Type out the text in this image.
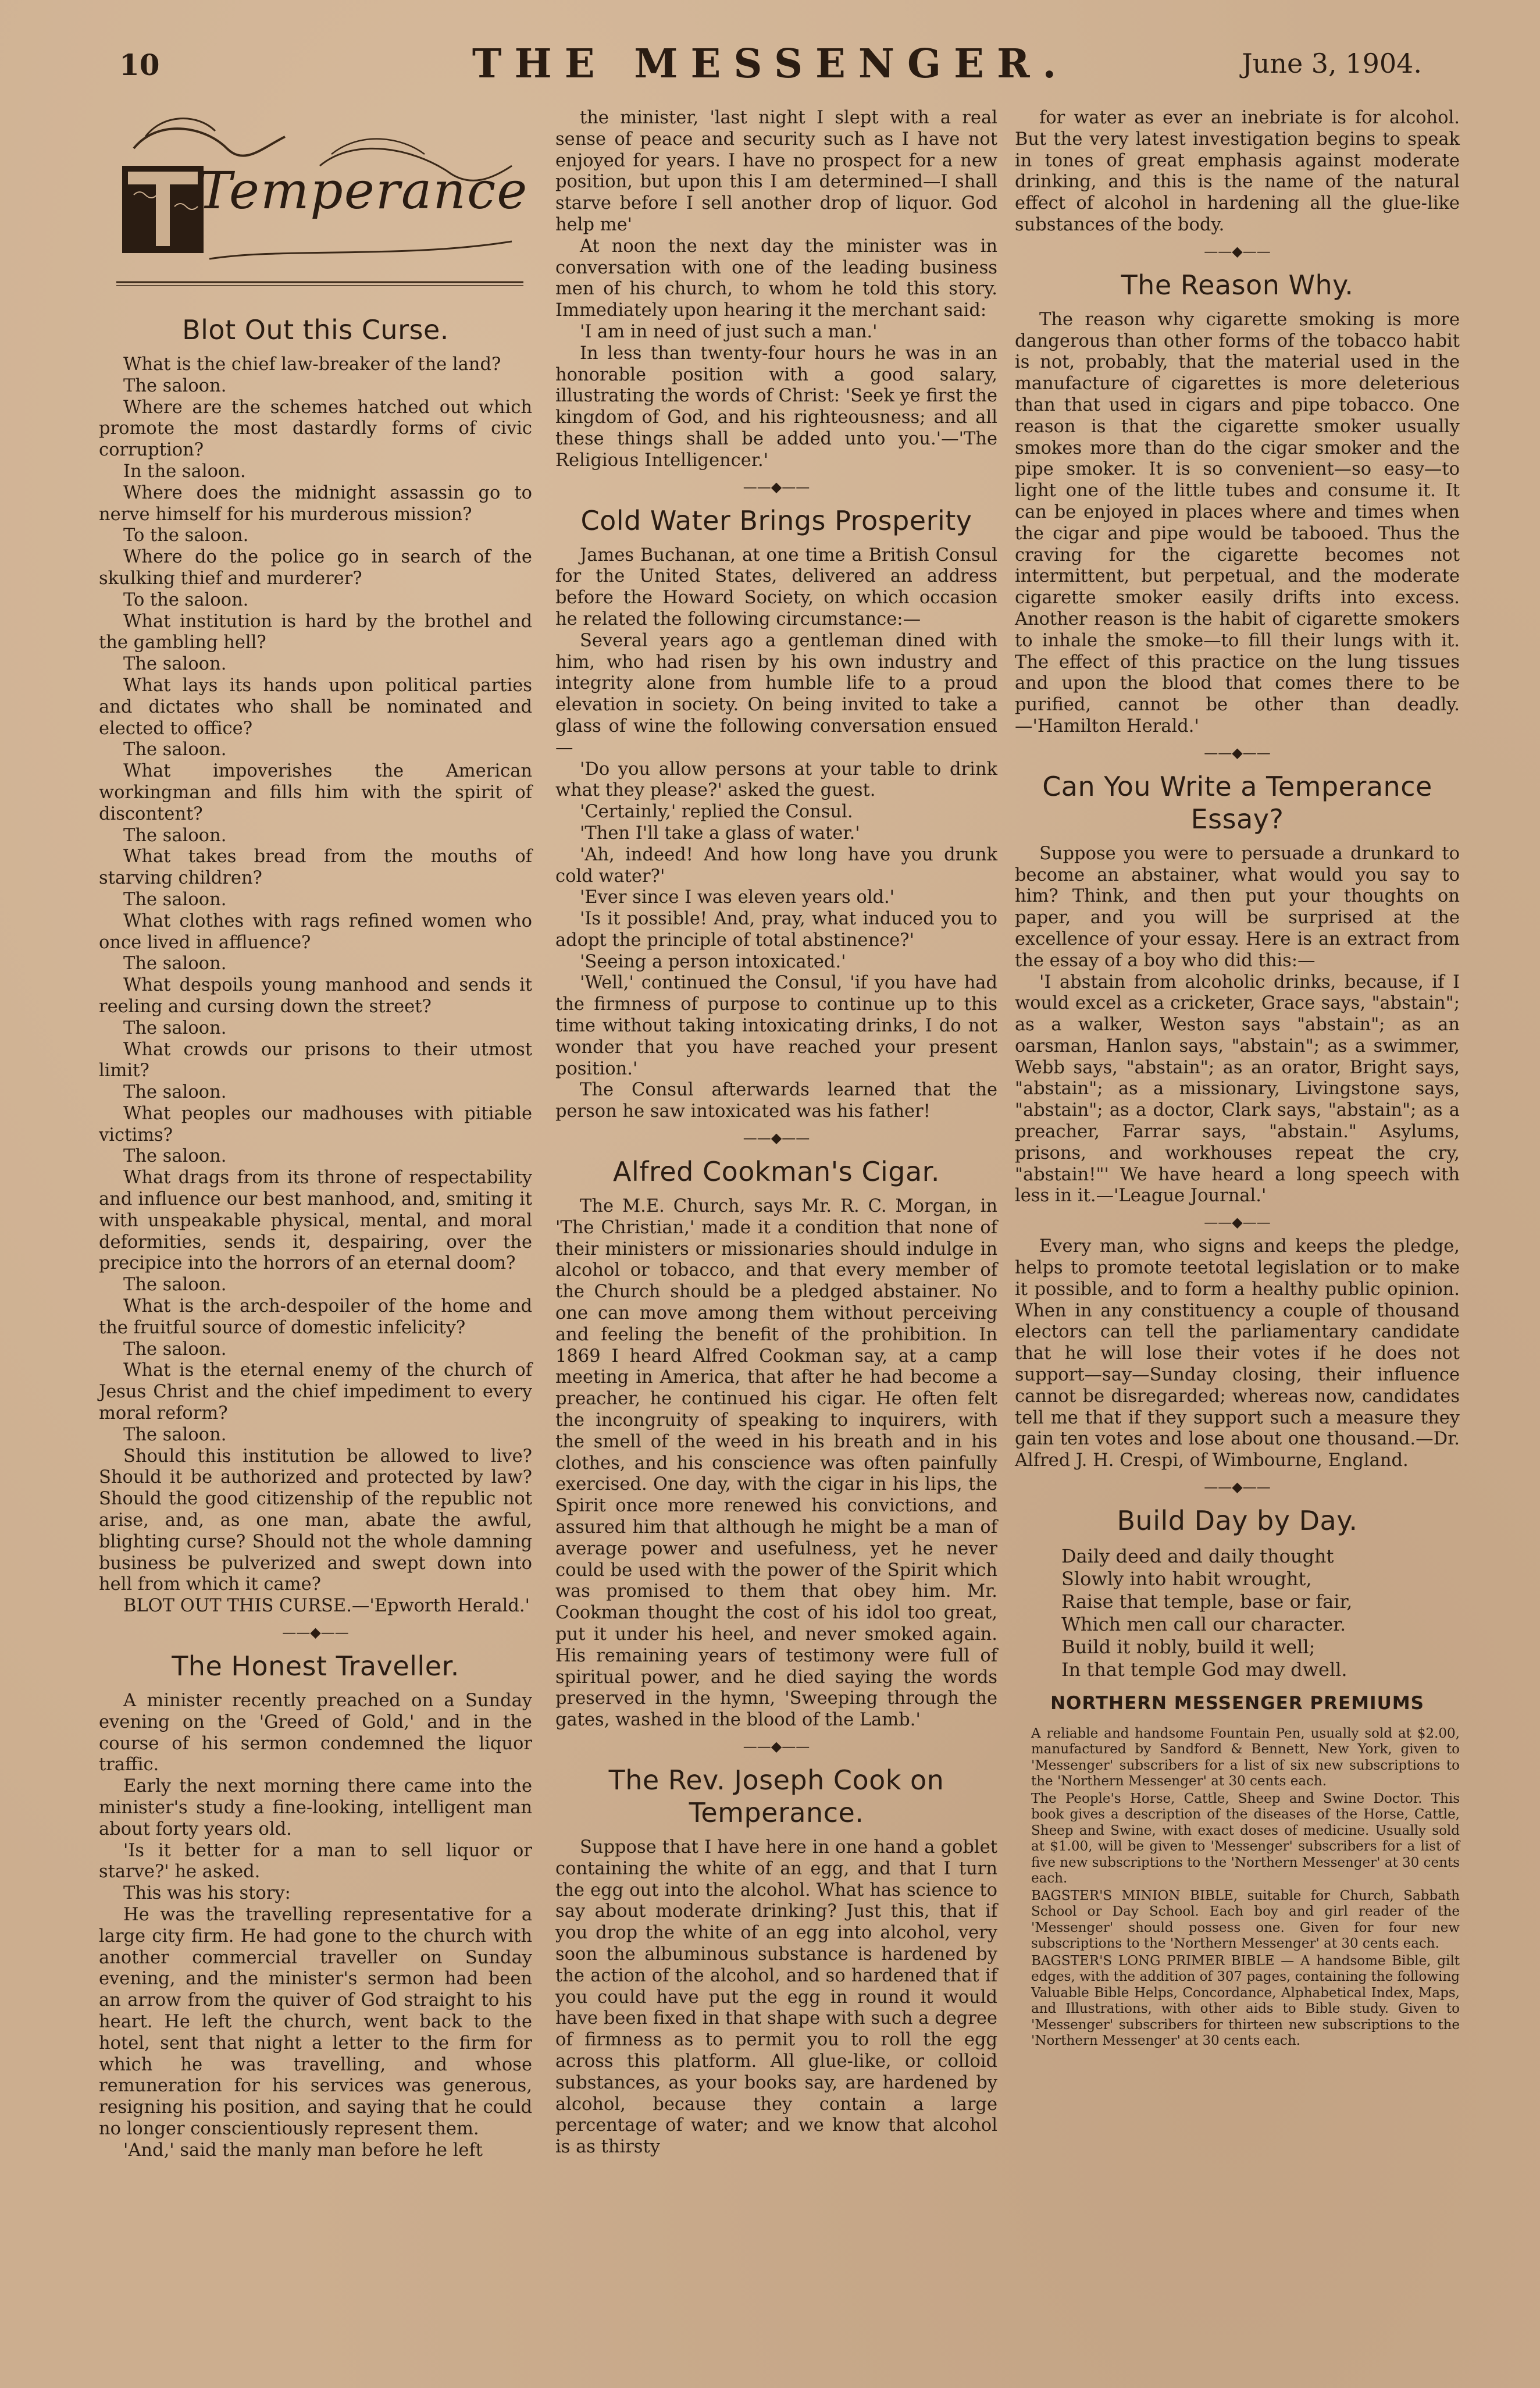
10	THE MESSENGER.	June 3, 1904.
Temperance
Blot Out this Curse.

What is the chief law-breaker of the land?

The saloon.

Where are the schemes hatched out which promote the most dastardly forms of civic corruption?

In the saloon.

Where does the midnight assassin go to nerve himself for his murderous mission?

To the saloon.

Where do the police go in search of the skulking thief and murderer?

To the saloon.

What institution is hard by the brothel and the gambling hell?

The saloon.

What lays its hands upon political parties and dictates who shall be nominated and elected to office?

The saloon.

What impoverishes the American workingman and fills him with the spirit of discontent?

The saloon.

What takes bread from the mouths of starving children?

The saloon.

What clothes with rags refined women who once lived in affluence?

The saloon.

What despoils young manhood and sends it reeling and cursing down the street?

The saloon.

What crowds our prisons to their utmost limit?

The saloon.

What peoples our madhouses with pitiable victims?

The saloon.

What drags from its throne of respectability and influence our best manhood, and, smiting it with unspeakable physical, mental, and moral deformities, sends it, despairing, over the precipice into the horrors of an eternal doom?

The saloon.

What is the arch-despoiler of the home and the fruitful source of domestic infelicity?

The saloon.

What is the eternal enemy of the church of Jesus Christ and the chief impediment to every moral reform?

The saloon.

Should this institution be allowed to live? Should it be authorized and protected by law? Should the good citizenship of the republic not arise, and, as one man, abate the awful, blighting curse? Should not the whole damning business be pulverized and swept down into hell from which it came?

BLOT OUT THIS CURSE.—'Epworth Herald.'

——◆——
The Honest Traveller.

A minister recently preached on a Sunday evening on the 'Greed of Gold,' and in the course of his sermon condemned the liquor traffic.

Early the next morning there came into the minister's study a fine-looking, intelligent man about forty years old.

'Is it better for a man to sell liquor or starve?' he asked.

This was his story:

He was the travelling representative for a large city firm. He had gone to the church with another commercial traveller on Sunday evening, and the minister's sermon had been an arrow from the quiver of God straight to his heart. He left the church, went back to the hotel, sent that night a letter to the firm for which he was travelling, and whose remuneration for his services was generous, resigning his position, and saying that he could no longer conscientiously represent them.

'And,' said the manly man before he left

the minister, 'last night I slept with a real sense of peace and security such as I have not enjoyed for years. I have no prospect for a new position, but upon this I am determined—I shall starve before I sell another drop of liquor. God help me'

At noon the next day the minister was in conversation with one of the leading business men of his church, to whom he told this story. Immediately upon hearing it the merchant said:

'I am in need of just such a man.'

In less than twenty-four hours he was in an honorable position with a good salary, illustrating the words of Christ: 'Seek ye first the kingdom of God, and his righteousness; and all these things shall be added unto you.'—'The Religious Intelligencer.'

——◆——
Cold Water Brings Prosperity

James Buchanan, at one time a British Consul for the United States, delivered an address before the Howard Society, on which occasion he related the following circumstance:—

Several years ago a gentleman dined with him, who had risen by his own industry and integrity alone from humble life to a proud elevation in society. On being invited to take a glass of wine the following conversation ensued—

'Do you allow persons at your table to drink what they please?' asked the guest.

'Certainly,' replied the Consul.

'Then I'll take a glass of water.'

'Ah, indeed! And how long have you drunk cold water?'

'Ever since I was eleven years old.'

'Is it possible! And, pray, what induced you to adopt the principle of total abstinence?'

'Seeing a person intoxicated.'

'Well,' continued the Consul, 'if you have had the firmness of purpose to continue up to this time without taking intoxicating drinks, I do not wonder that you have reached your present position.'

The Consul afterwards learned that the person he saw intoxicated was his father!

——◆——
Alfred Cookman's Cigar.

The M.E. Church, says Mr. R. C. Morgan, in 'The Christian,' made it a condition that none of their ministers or missionaries should indulge in alcohol or tobacco, and that every member of the Church should be a pledged abstainer. No one can move among them without perceiving and feeling the benefit of the prohibition. In 1869 I heard Alfred Cookman say, at a camp meeting in America, that after he had become a preacher, he continued his cigar. He often felt the incongruity of speaking to inquirers, with the smell of the weed in his breath and in his clothes, and his conscience was often painfully exercised. One day, with the cigar in his lips, the Spirit once more renewed his convictions, and assured him that although he might be a man of average power and usefulness, yet he never could be used with the power of the Spirit which was promised to them that obey him. Mr. Cookman thought the cost of his idol too great, put it under his heel, and never smoked again. His remaining years of testimony were full of spiritual power, and he died saying the words preserved in the hymn, 'Sweeping through the gates, washed in the blood of the Lamb.'

——◆——
The Rev. Joseph Cook on Temperance.

Suppose that I have here in one hand a goblet containing the white of an egg, and that I turn the egg out into the alcohol. What has science to say about moderate drinking? Just this, that if you drop the white of an egg into alcohol, very soon the albuminous substance is hardened by the action of the alcohol, and so hardened that if you could have put the egg in round it would have been fixed in that shape with such a degree of firmness as to permit you to roll the egg across this platform. All glue-like, or colloid substances, as your books say, are hardened by alcohol, because they contain a large percentage of water; and we know that alcohol is as thirsty

for water as ever an inebriate is for alcohol. But the very latest investigation begins to speak in tones of great emphasis against moderate drinking, and this is the name of the natural effect of alcohol in hardening all the glue-like substances of the body.

——◆——
The Reason Why.

The reason why cigarette smoking is more dangerous than other forms of the tobacco habit is not, probably, that the material used in the manufacture of cigarettes is more deleterious than that used in cigars and pipe tobacco. One reason is that the cigarette smoker usually smokes more than do the cigar smoker and the pipe smoker. It is so convenient—so easy—to light one of the little tubes and consume it. It can be enjoyed in places where and times when the cigar and pipe would be tabooed. Thus the craving for the cigarette becomes not intermittent, but perpetual, and the moderate cigarette smoker easily drifts into excess. Another reason is the habit of cigarette smokers to inhale the smoke—to fill their lungs with it. The effect of this practice on the lung tissues and upon the blood that comes there to be purified, cannot be other than deadly.—'Hamilton Herald.'

——◆——
Can You Write a Temperance Essay?

Suppose you were to persuade a drunkard to become an abstainer, what would you say to him? Think, and then put your thoughts on paper, and you will be surprised at the excellence of your essay. Here is an extract from the essay of a boy who did this:—

'I abstain from alcoholic drinks, because, if I would excel as a cricketer, Grace says, "abstain"; as a walker, Weston says "abstain"; as an oarsman, Hanlon says, "abstain"; as a swimmer, Webb says, "abstain"; as an orator, Bright says, "abstain"; as a missionary, Livingstone says, "abstain"; as a doctor, Clark says, "abstain"; as a preacher, Farrar says, "abstain." Asylums, prisons, and workhouses repeat the cry, "abstain!"' We have heard a long speech with less in it.—'League Journal.'

——◆——

Every man, who signs and keeps the pledge, helps to promote teetotal legislation or to make it possible, and to form a healthy public opinion. When in any constituency a couple of thousand electors can tell the parliamentary candidate that he will lose their votes if he does not support—say—Sunday closing, their influence cannot be disregarded; whereas now, candidates tell me that if they support such a measure they gain ten votes and lose about one thousand.—Dr. Alfred J. H. Crespi, of Wimbourne, England.

——◆——
Build Day by Day.
Daily deed and daily thought
Slowly into habit wrought,
Raise that temple, base or fair,
Which men call our character.
Build it nobly, build it well;
In that temple God may dwell.
NORTHERN MESSENGER PREMIUMS

A reliable and handsome Fountain Pen, usually sold at $2.00, manufactured by Sandford & Bennett, New York, given to 'Messenger' subscribers for a list of six new subscriptions to the 'Northern Messenger' at 30 cents each.

The People's Horse, Cattle, Sheep and Swine Doctor. This book gives a description of the diseases of the Horse, Cattle, Sheep and Swine, with exact doses of medicine. Usually sold at $1.00, will be given to 'Messenger' subscribers for a list of five new subscriptions to the 'Northern Messenger' at 30 cents each.

BAGSTER'S MINION BIBLE, suitable for Church, Sabbath School or Day School. Each boy and girl reader of the 'Messenger' should possess one. Given for four new subscriptions to the 'Northern Messenger' at 30 cents each.

BAGSTER'S LONG PRIMER BIBLE — A handsome Bible, gilt edges, with the addition of 307 pages, containing the following Valuable Bible Helps, Concordance, Alphabetical Index, Maps, and Illustrations, with other aids to Bible study. Given to 'Messenger' subscribers for thirteen new subscriptions to the 'Northern Messenger' at 30 cents each.
